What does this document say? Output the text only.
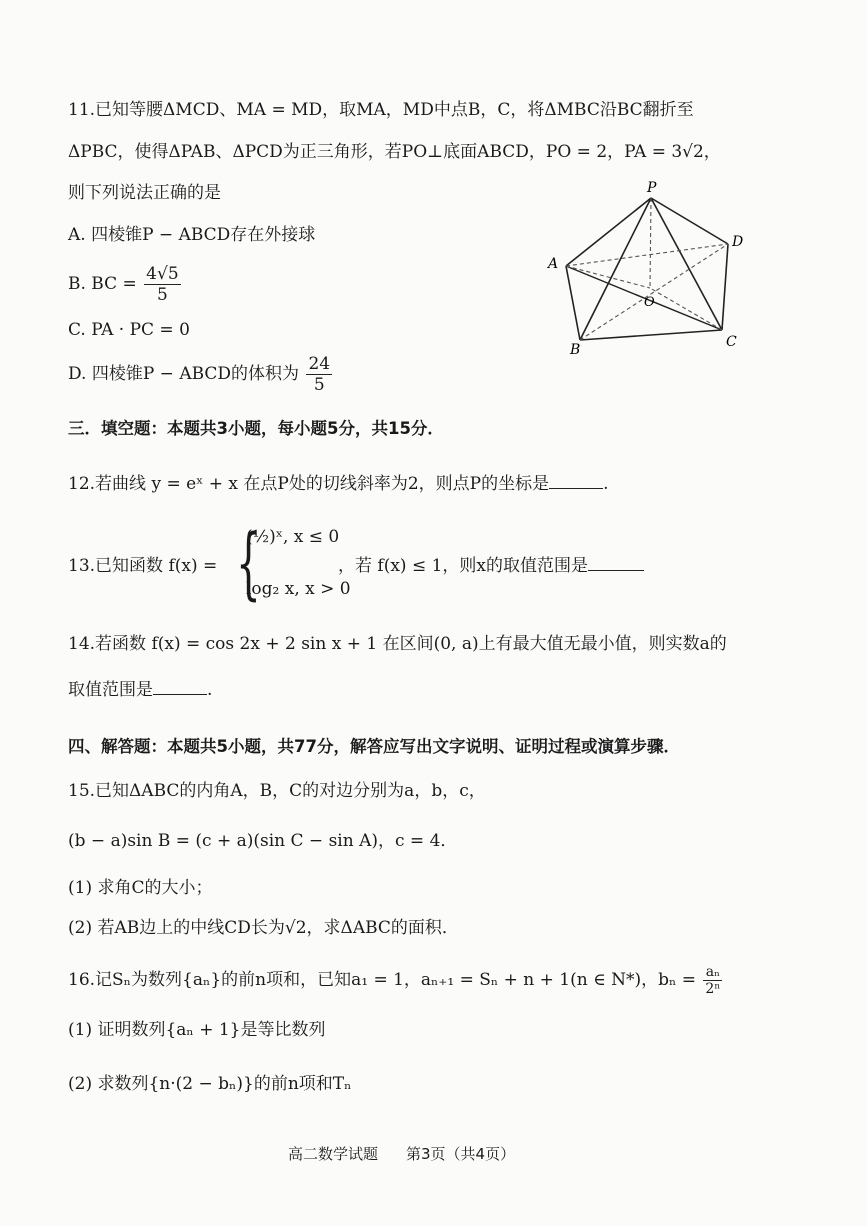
11.已知等腰ΔMCD、MA = MD，取MA，MD中点B，C，将ΔMBC沿BC翻折至
ΔPBC，使得ΔPAB、ΔPCD为正三角形，若PO⊥底面ABCD，PO = 2，PA = 3√2，
则下列说法正确的是
A. 四棱锥P − ABCD存在外接球
B. BC = $\frac{4√5}{5}$
C. PA · PC = 0
D. 四棱锥P − ABCD的体积为 $\frac{24}{5}$
P
A
B	C
D
O
三．填空题：本题共3小题，每小题5分，共15分．
12.若曲线 y = eˣ + x 在点P处的切线斜率为2，则点P的坐标是	.
13.已知函数 f(x) = {
(½)ˣ, x ≤ 0
log₂ x, x > 0
，若 f(x) ≤ 1，则x的取值范围是
14.若函数 f(x) = cos 2x + 2 sin x + 1 在区间(0, a)上有最大值无最小值，则实数a的
取值范围是	.
四、解答题：本题共5小题，共77分，解答应写出文字说明、证明过程或演算步骤．
15.已知ΔABC的内角A，B，C的对边分别为a，b，c，
(b − a)sin B = (c + a)(sin C − sin A)，c = 4．
(1) 求角C的大小；
(2) 若AB边上的中线CD长为√2，求ΔABC的面积．
16.记Sₙ为数列{aₙ}的前n项和，已知a₁ = 1，aₙ₊₁ = Sₙ + n + 1(n ∈ N*)，$b_n = \frac{\text{aₙ}}{\text{2ⁿ}}$
(1) 证明数列{aₙ + 1}是等比数列
(2) 求数列{n·(2 − bₙ)}的前n项和Tₙ
高二数学试题 第3页（共4页）
